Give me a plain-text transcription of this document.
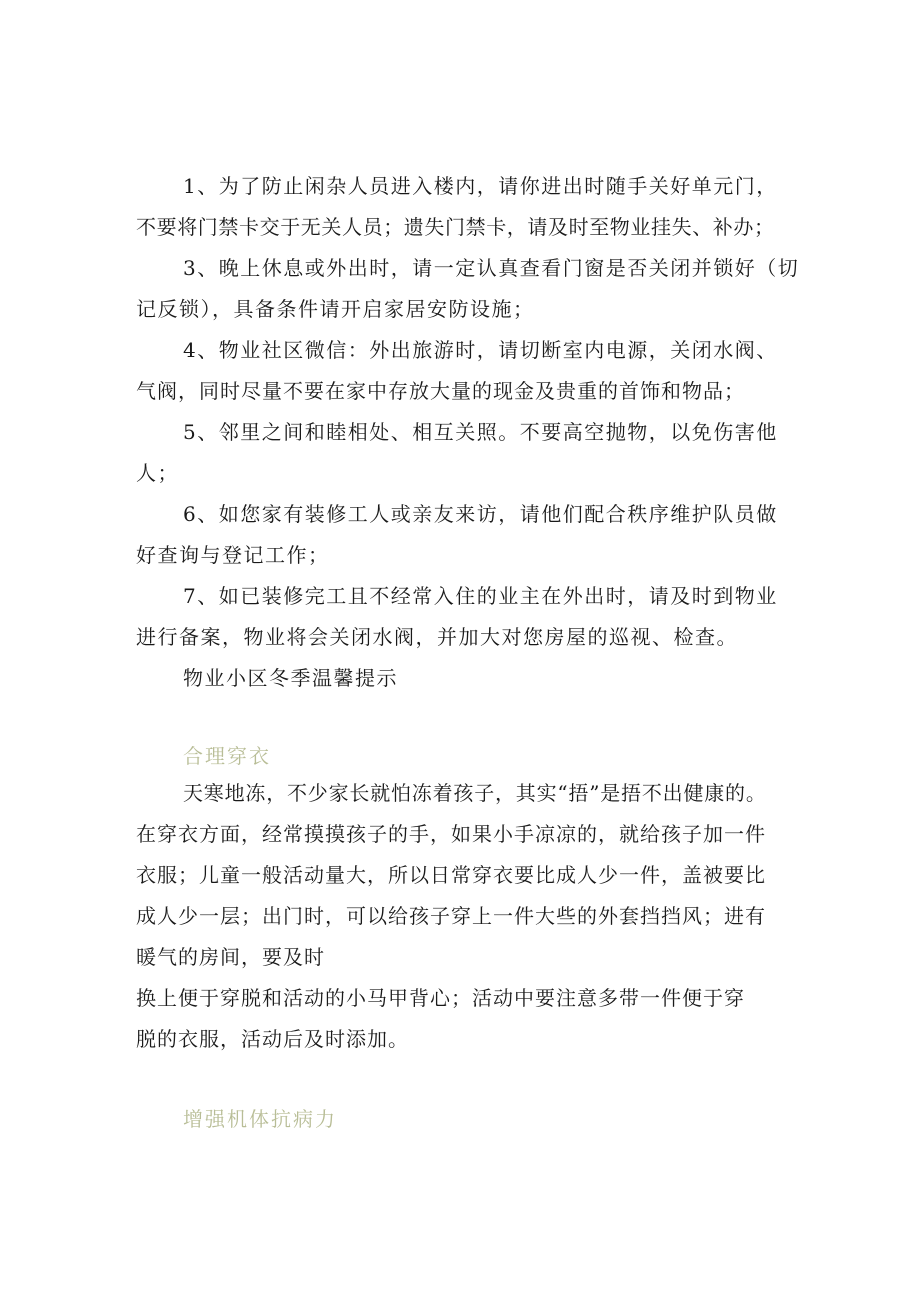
1、为了防止闲杂人员进入楼内，请你进出时随手关好单元门，
不要将门禁卡交于无关人员；遗失门禁卡，请及时至物业挂失、补办；
3、晚上休息或外出时，请一定认真查看门窗是否关闭并锁好（切
记反锁），具备条件请开启家居安防设施；
4、物业社区微信：外出旅游时，请切断室内电源，关闭水阀、
气阀，同时尽量不要在家中存放大量的现金及贵重的首饰和物品；
5、邻里之间和睦相处、相互关照。不要高空抛物，以免伤害他
人；
6、如您家有装修工人或亲友来访，请他们配合秩序维护队员做
好查询与登记工作；
7、如已装修完工且不经常入住的业主在外出时，请及时到物业
进行备案，物业将会关闭水阀，并加大对您房屋的巡视、检查。
物业小区冬季温馨提示
合理穿衣
天寒地冻，不少家长就怕冻着孩子，其实“捂”是捂不出健康的。
在穿衣方面，经常摸摸孩子的手，如果小手凉凉的，就给孩子加一件
衣服；儿童一般活动量大，所以日常穿衣要比成人少一件，盖被要比
成人少一层；出门时，可以给孩子穿上一件大些的外套挡挡风；进有
暖气的房间，要及时
换上便于穿脱和活动的小马甲背心；活动中要注意多带一件便于穿
脱的衣服，活动后及时添加。
增强机体抗病力
